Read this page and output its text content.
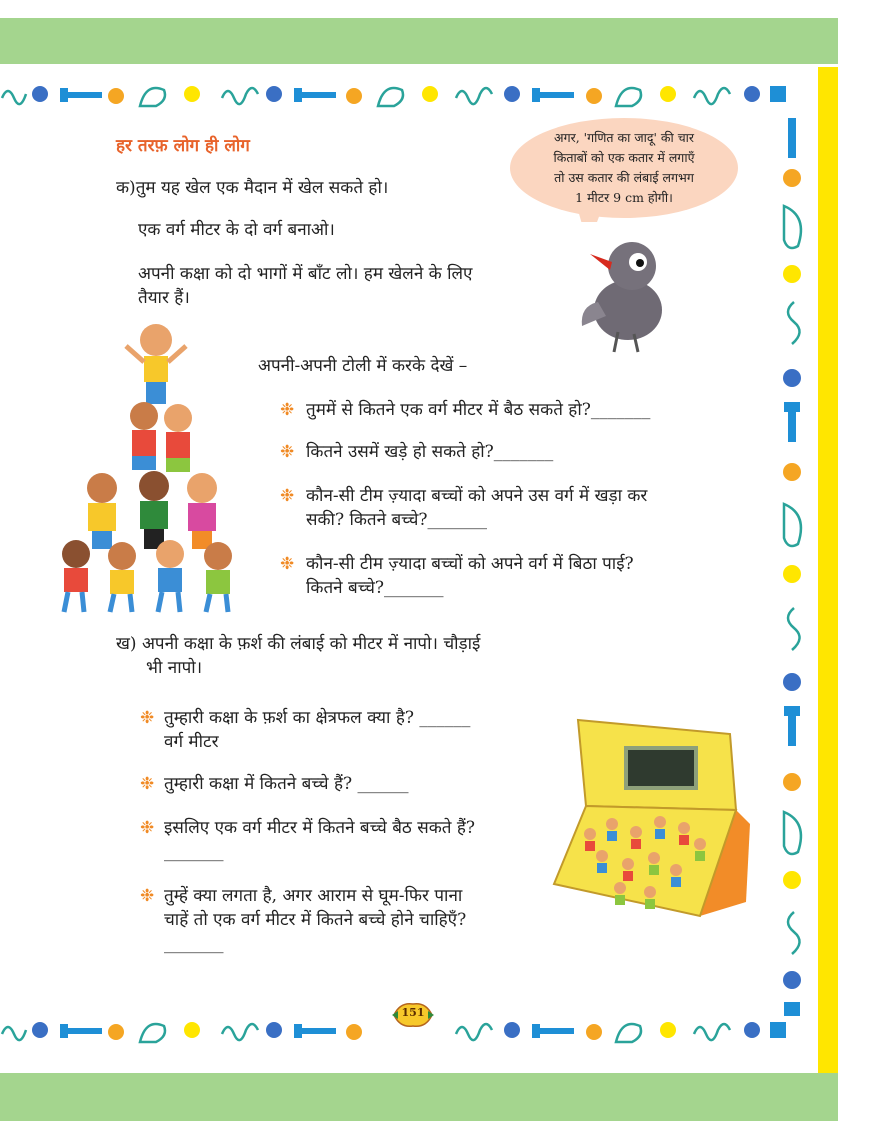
हर तरफ़ लोग ही लोग	अगर, 'गणित का जादू' की चार
किताबों को एक कतार में लगाएँ
तो उस कतार की लंबाई लगभग
1 मीटर 9 cm होगी।
क)तुम यह खेल एक मैदान में खेल सकते हो।
एक वर्ग मीटर के दो वर्ग बनाओ।
अपनी कक्षा को दो भागों में बाँट लो। हम खेलने के लिए
तैयार हैं।
अपनी-अपनी टोली में करके देखें –
❉ तुममें से कितने एक वर्ग मीटर में बैठ सकते हो?_______
❉ कितने उसमें खड़े हो सकते हो?_______
❉ कौन-सी टीम ज़्यादा बच्चों को अपने उस वर्ग में खड़ा कर
सकी? कितने बच्चे?_______
❉ कौन-सी टीम ज़्यादा बच्चों को अपने वर्ग में बिठा पाई?
कितने बच्चे?_______
ख) अपनी कक्षा के फ़र्श की लंबाई को मीटर में नापो। चौड़ाई
भी नापो।
❉ तुम्हारी कक्षा के फ़र्श का क्षेत्रफल क्या है? ______
वर्ग मीटर
❉ तुम्हारी कक्षा में कितने बच्चे हैं? ______
❉ इसलिए एक वर्ग मीटर में कितने बच्चे बैठ सकते हैं?
_______
❉ तुम्हें क्या लगता है, अगर आराम से घूम-फिर पाना
चाहें तो एक वर्ग मीटर में कितने बच्चे होने चाहिएँ?
_______
151
